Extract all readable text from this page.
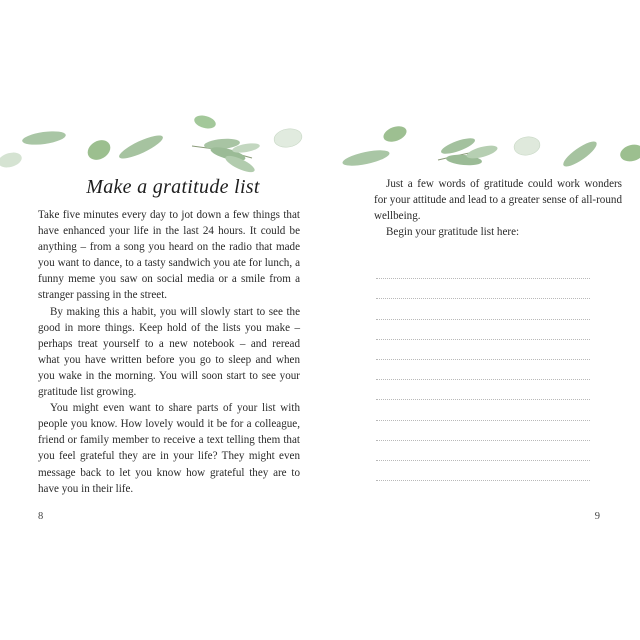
Make a gratitude list

Take five minutes every day to jot down a few things that have enhanced your life in the last 24 hours. It could be anything – from a song you heard on the radio that made you want to dance, to a tasty sandwich you ate for lunch, a funny meme you saw on social media or a smile from a stranger passing in the street.

By making this a habit, you will slowly start to see the good in more things. Keep hold of the lists you make – perhaps treat yourself to a new notebook – and reread what you have written before you go to sleep and when you wake in the morning. You will soon start to see your gratitude list growing.

You might even want to share parts of your list with people you know. How lovely would it be for a colleague, friend or family member to receive a text telling them that you feel grateful they are in your life? They might even message back to let you know how grateful they are to have you in their life.

8

Just a few words of gratitude could work wonders for your attitude and lead to a greater sense of all-round wellbeing.

Begin your gratitude list here:

9
